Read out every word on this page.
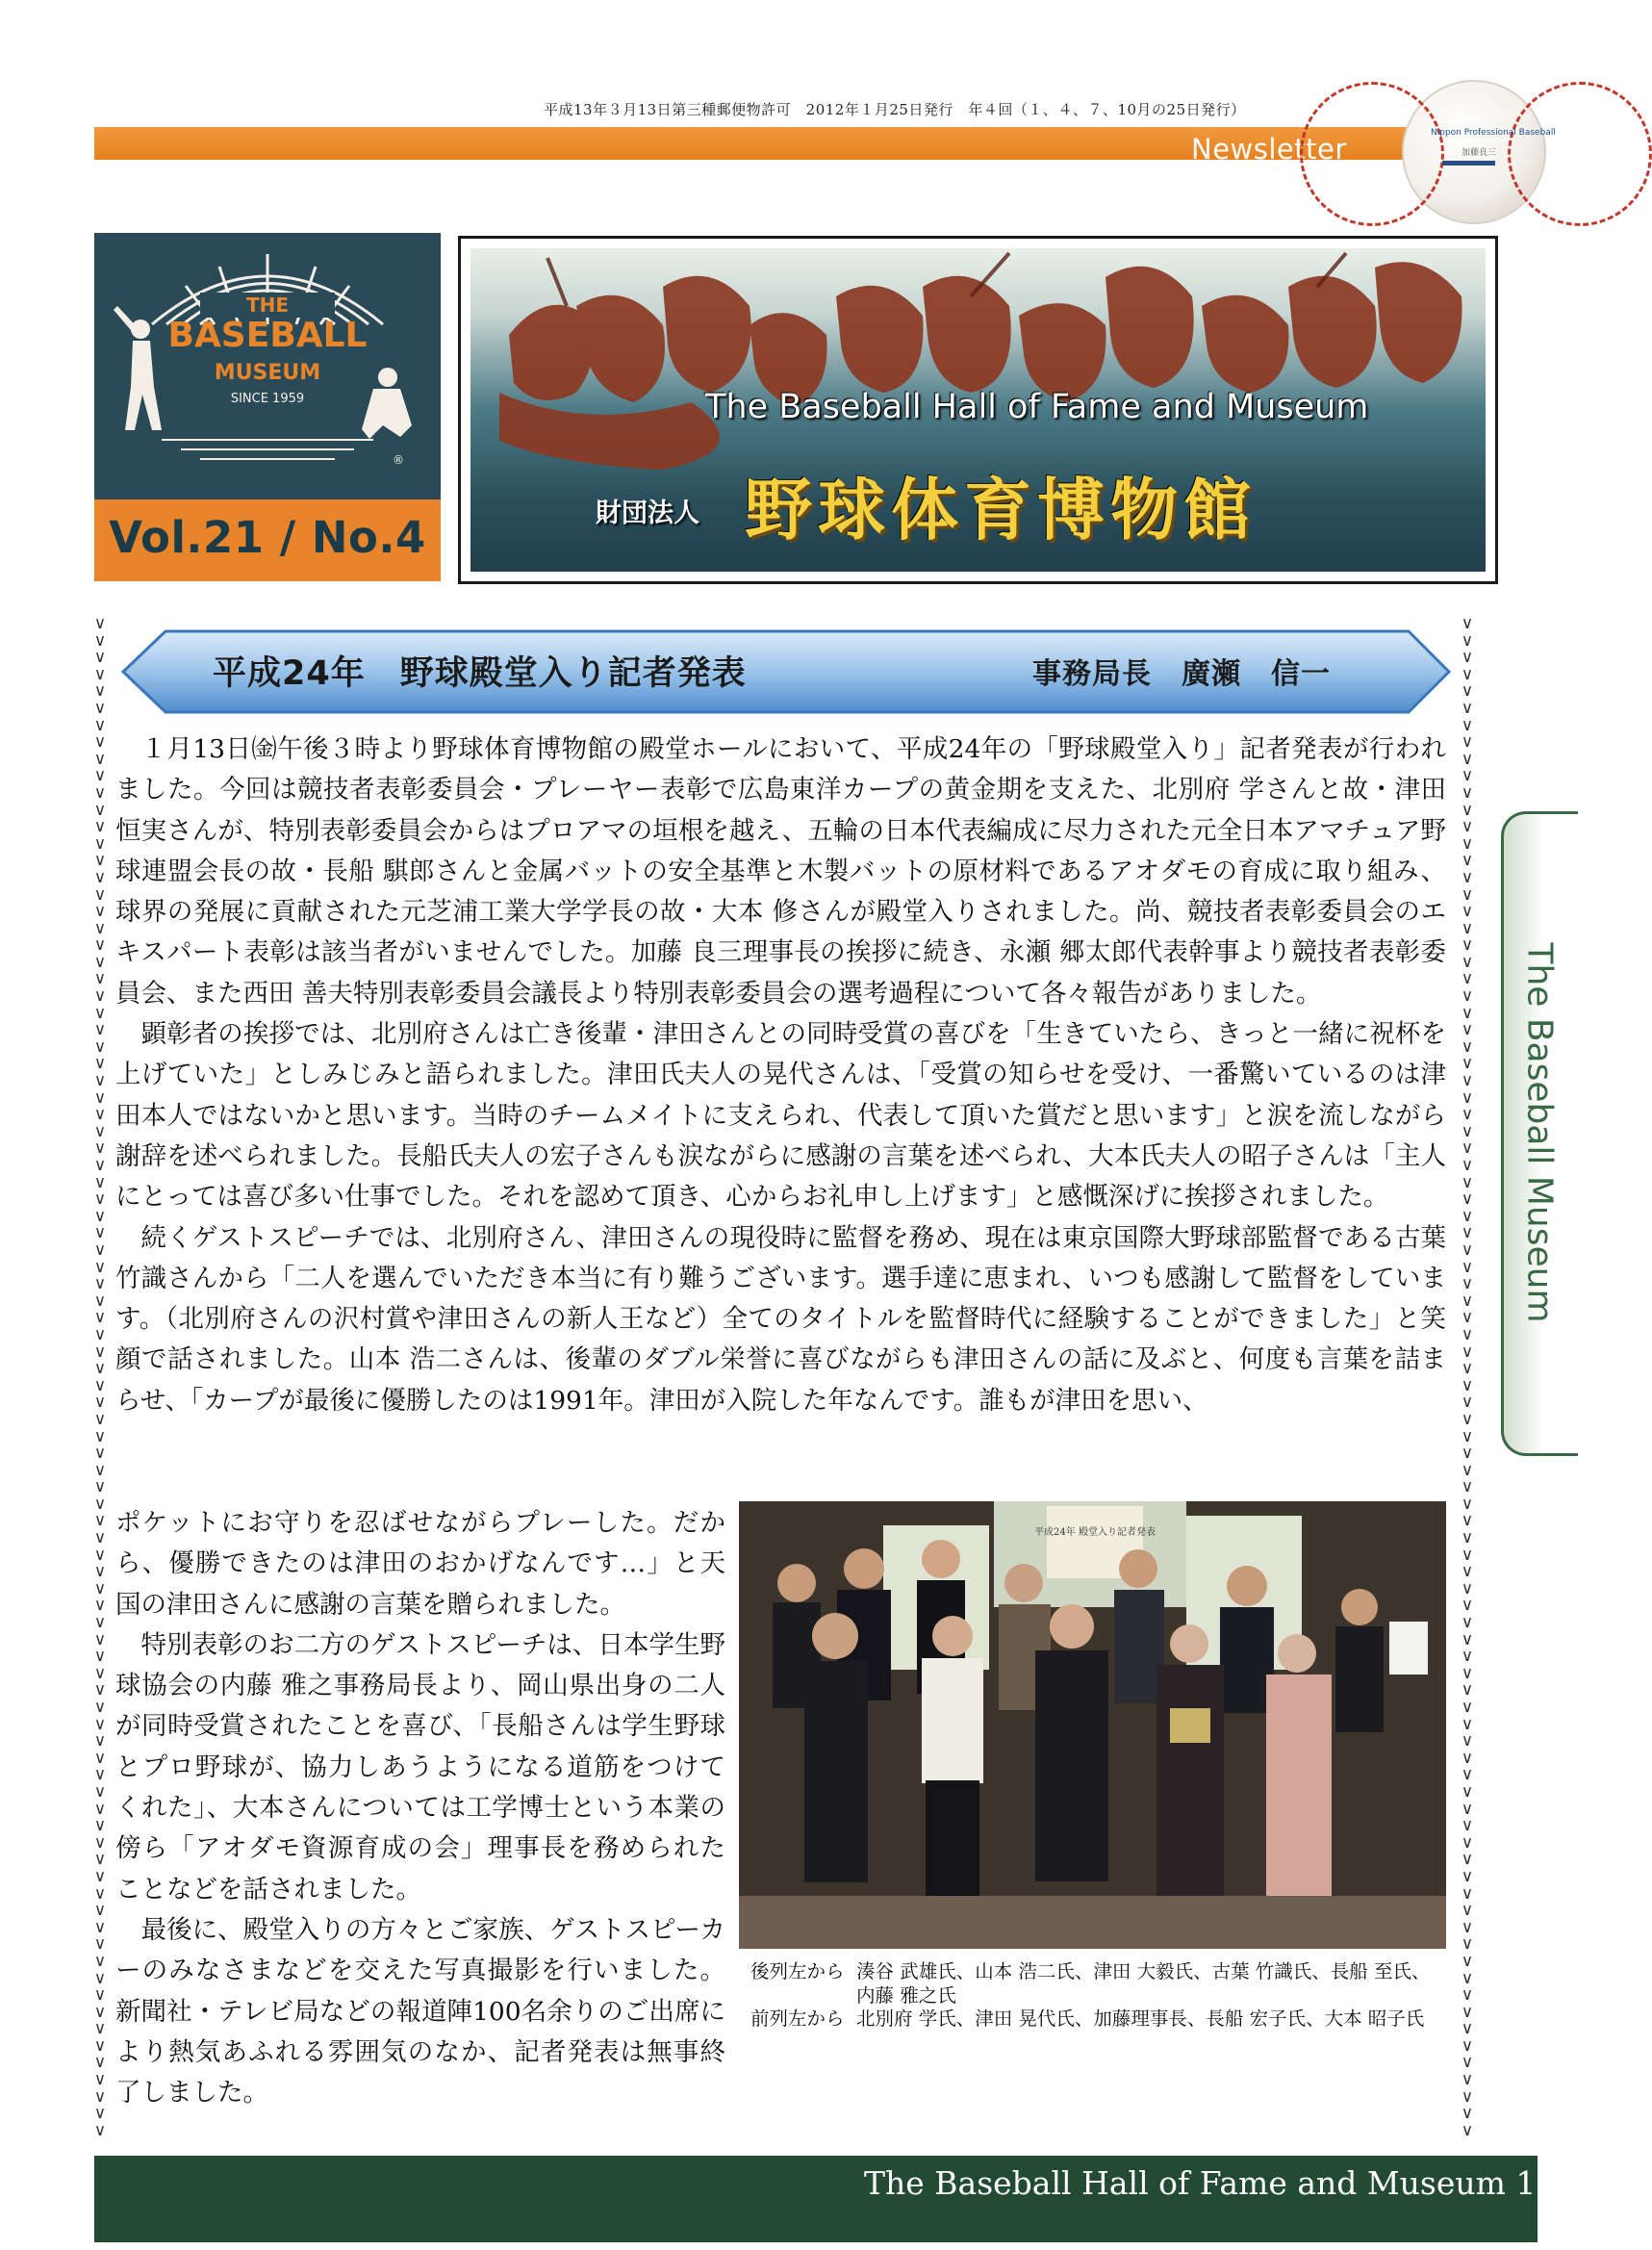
平成13年３月13日第三種郵便物許可　2012年１月25日発行　年４回（１、４、７、10月の25日発行）
Newsletter	Nippon Professional Baseball
加藤良三
THE
BASEBALL
MUSEUM
SINCE 1959
®
Vol.21 / No.4
The Baseball Hall of Fame and Museum
財団法人 野球体育博物館
∨
∨
∨
∨
∨
∨
∨
∨
∨
∨
∨
∨
∨
∨
∨
∨
∨
∨
∨
∨
∨
∨
∨
∨
∨
∨
∨
∨
∨
∨
∨
∨
∨
∨
∨
∨
∨
∨
∨
∨
∨
∨
∨
∨
∨
∨
∨
∨
∨
∨
∨
∨
∨
∨
∨
∨
∨
∨
∨
∨
∨
∨
∨
∨
∨
∨
∨
∨
∨
∨
∨
∨
∨
∨
∨
∨
∨
∨
∨
∨
∨
∨
∨
∨
∨
∨
∨
∨
∨
∨
∨
∨
∨
∨
∨
∨
∨
∨
∨
∨
∨
∨
∨
∨
∨
∨
∨
∨
∨
∨
∨
∨
∨
∨
∨
∨
∨
∨
∨
∨
∨
∨
∨
∨
∨
∨
∨
∨
∨
∨
∨
∨
∨
∨
∨
∨
∨
∨
∨
∨
∨
∨
∨
∨
∨
∨
∨
∨
∨
∨
∨
∨
∨
∨
∨
∨
∨
∨
∨
∨
∨
∨
∨
∨
∨
∨
∨
∨
∨
∨
∨
∨
∨
∨
∨
∨
∨
∨
∨
∨
平成24年　野球殿堂入り記者発表	事務局長　廣瀬　信一

１月13日㈮午後３時より野球体育博物館の殿堂ホールにおいて、平成24年の「野球殿堂入り」記者発表が行われました。今回は競技者表彰委員会・プレーヤー表彰で広島東洋カープの黄金期を支えた、北別府 学さんと故・津田 恒実さんが、特別表彰委員会からはプロアマの垣根を越え、五輪の日本代表編成に尽力された元全日本アマチュア野球連盟会長の故・長船 騏郎さんと金属バットの安全基準と木製バットの原材料であるアオダモの育成に取り組み、球界の発展に貢献された元芝浦工業大学学長の故・大本 修さんが殿堂入りされました。尚、競技者表彰委員会のエキスパート表彰は該当者がいませんでした。加藤 良三理事長の挨拶に続き、永瀬 郷太郎代表幹事より競技者表彰委員会、また西田 善夫特別表彰委員会議長より特別表彰委員会の選考過程について各々報告がありました。

顕彰者の挨拶では、北別府さんは亡き後輩・津田さんとの同時受賞の喜びを「生きていたら、きっと一緒に祝杯を上げていた」としみじみと語られました。津田氏夫人の晃代さんは、「受賞の知らせを受け、一番驚いているのは津田本人ではないかと思います。当時のチームメイトに支えられ、代表して頂いた賞だと思います」と涙を流しながら謝辞を述べられました。長船氏夫人の宏子さんも涙ながらに感謝の言葉を述べられ、大本氏夫人の昭子さんは「主人にとっては喜び多い仕事でした。それを認めて頂き、心からお礼申し上げます」と感慨深げに挨拶されました。

続くゲストスピーチでは、北別府さん、津田さんの現役時に監督を務め、現在は東京国際大野球部監督である古葉 竹識さんから「二人を選んでいただき本当に有り難うございます。選手達に恵まれ、いつも感謝して監督をしています。（北別府さんの沢村賞や津田さんの新人王など）全てのタイトルを監督時代に経験することができました」と笑顔で話されました。山本 浩二さんは、後輩のダブル栄誉に喜びながらも津田さんの話に及ぶと、何度も言葉を詰まらせ、「カープが最後に優勝したのは1991年。津田が入院した年なんです。誰もが津田を思い、

ポケットにお守りを忍ばせながらプレーした。だから、優勝できたのは津田のおかげなんです…」と天国の津田さんに感謝の言葉を贈られました。

特別表彰のお二方のゲストスピーチは、日本学生野球協会の内藤 雅之事務局長より、岡山県出身の二人が同時受賞されたことを喜び、「長船さんは学生野球とプロ野球が、協力しあうようになる道筋をつけてくれた」、大本さんについては工学博士という本業の傍ら「アオダモ資源育成の会」理事長を務められたことなどを話されました。

最後に、殿堂入りの方々とご家族、ゲストスピーカーのみなさまなどを交えた写真撮影を行いました。新聞社・テレビ局などの報道陣100名余りのご出席により熱気あふれる雰囲気のなか、記者発表は無事終了しました。

The Baseball Museum
平成24年 殿堂入り記者発表
後列左から 湊谷 武雄氏、山本 浩二氏、津田 大毅氏、古葉 竹識氏、長船 至氏、内藤 雅之氏
前列左から 北別府 学氏、津田 晃代氏、加藤理事長、長船 宏子氏、大本 昭子氏
The Baseball Hall of Fame and Museum 1
